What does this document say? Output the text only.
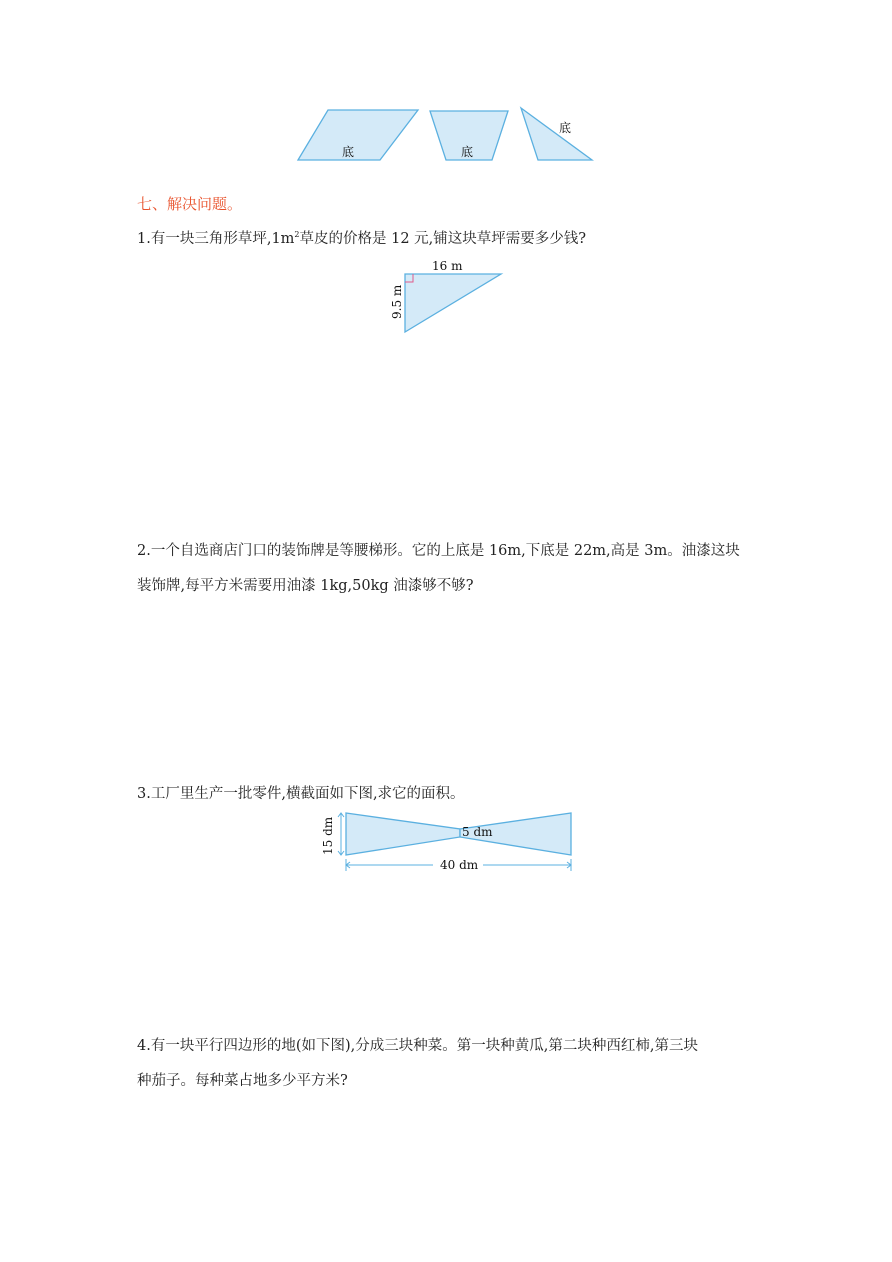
底	底
底
七、解决问题。
1.有一块三角形草坪$,1m^2$草皮的价格是 12 元,铺这块草坪需要多少钱?
16 m
9.5 m
2.一个自选商店门口的装饰牌是等腰梯形。它的上底是 16m,下底是 22m,高是 3m。油漆这块
装饰牌,每平方米需要用油漆 1kg,50kg 油漆够不够?
3.工厂里生产一批零件,横截面如下图,求它的面积。
15 dm	5 dm
40 dm
4.有一块平行四边形的地(如下图),分成三块种菜。第一块种黄瓜,第二块种西红柿,第三块
种茄子。每种菜占地多少平方米?
